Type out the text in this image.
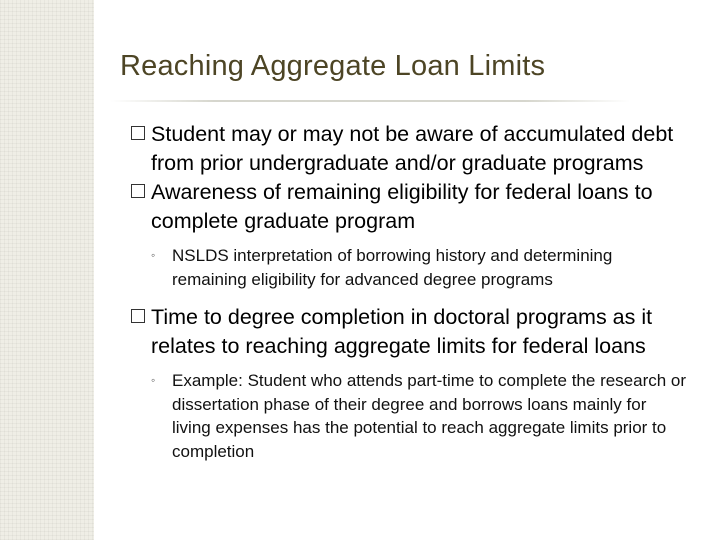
Reaching Aggregate Loan Limits
Student may or may not be aware of accumulated debt from prior undergraduate and/or graduate programs
Awareness of remaining eligibility for federal loans to complete graduate program
◦ NSLDS interpretation of borrowing history and determining remaining eligibility for advanced degree programs
Time to degree completion in doctoral programs as it relates to reaching aggregate limits for federal loans
◦ Example: Student who attends part-time to complete the research or dissertation phase of their degree and borrows loans mainly for living expenses has the potential to reach aggregate limits prior to completion
